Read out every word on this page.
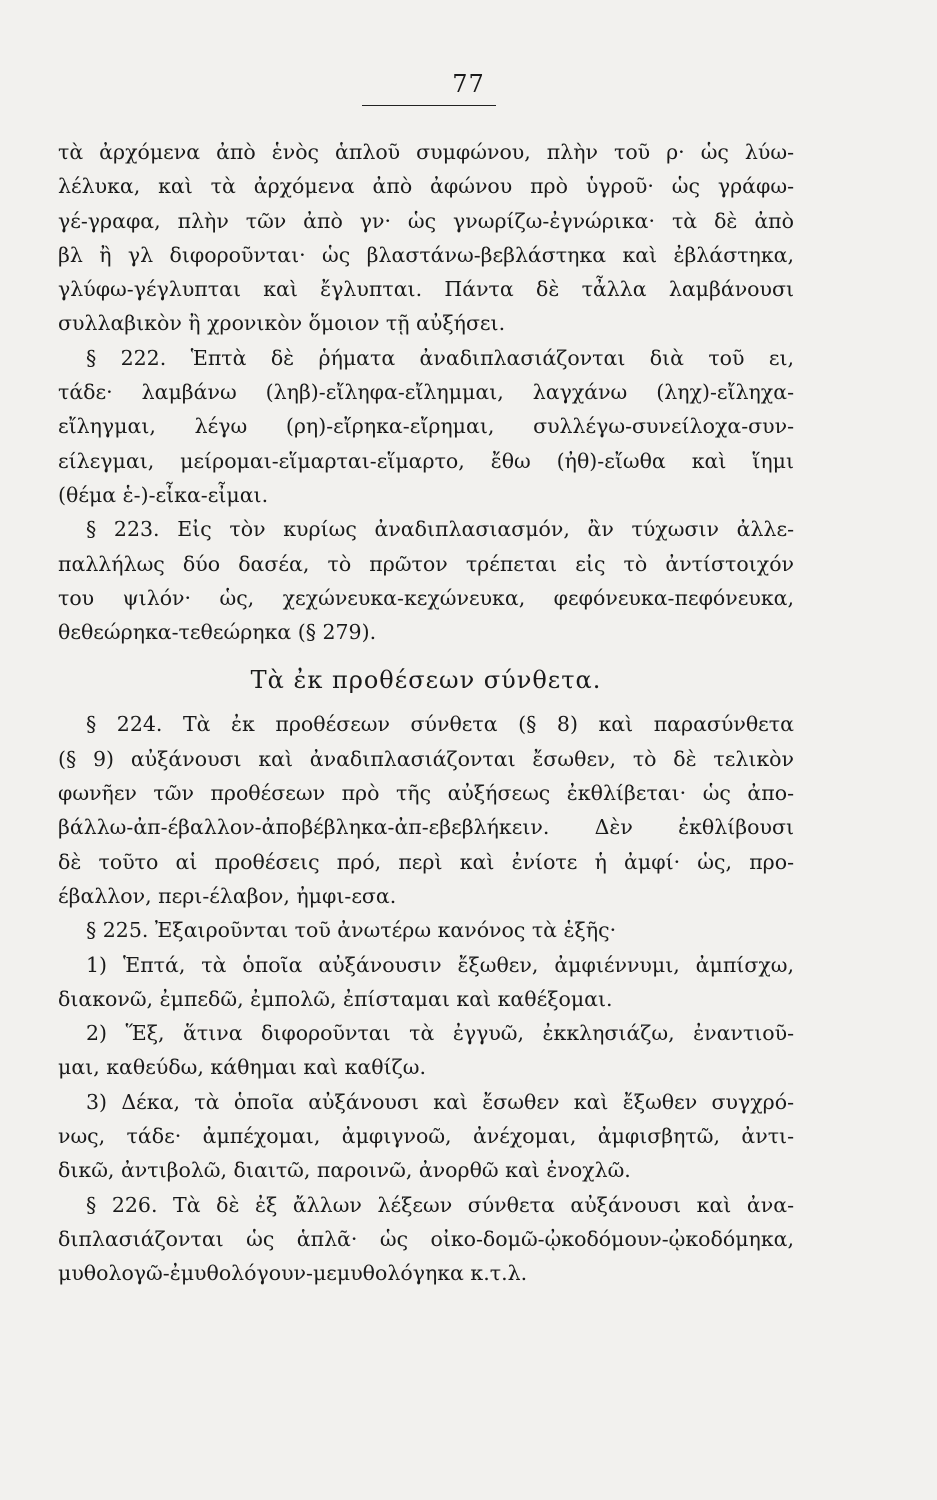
77
τὰ ἀρχόμενα ἀπὸ ἑνὸς ἁπλοῦ συμφώνου, πλὴν τοῦ ρ· ὡς λύω-
λέλυκα, καὶ τὰ ἀρχόμενα ἀπὸ ἀφώνου πρὸ ὑγροῦ· ὡς γράφω-
γέ-γραφα, πλὴν τῶν ἀπὸ γν· ὡς γνωρίζω-ἐγνώρικα· τὰ δὲ ἀπὸ
βλ ἢ γλ διφοροῦνται· ὡς βλαστάνω-βεβλάστηκα καὶ ἐβλάστηκα,
γλύφω-γέγλυπται καὶ ἔγλυπται. Πάντα δὲ τἆλλα λαμβάνουσι
συλλαβικὸν ἢ χρονικὸν ὅμοιον τῇ αὐξήσει.
§ 222. Ἑπτὰ δὲ ῥήματα ἀναδιπλασιάζονται διὰ τοῦ ει,
τάδε· λαμβάνω (ληβ)-εἴληφα-εἴλημμαι, λαγχάνω (ληχ)-εἴληχα-
εἴληγμαι, λέγω (ρη)-εἴρηκα-εἴρημαι, συλλέγω-συνείλοχα-συν-
είλεγμαι, μείρομαι-εἵμαρται-εἵμαρτο, ἔθω (ἠθ)-εἴωθα καὶ ἵημι
(θέμα ἑ-)-εἶκα-εἶμαι.
§ 223. Εἰς τὸν κυρίως ἀναδιπλασιασμόν, ἂν τύχωσιν ἀλλε-
παλλήλως δύο δασέα, τὸ πρῶτον τρέπεται εἰς τὸ ἀντίστοιχόν
του ψιλόν· ὡς, χεχώνευκα-κεχώνευκα, φεφόνευκα-πεφόνευκα,
θεθεώρηκα-τεθεώρηκα (§ 279).
Τὰ ἐκ προθέσεων σύνθετα.
§ 224. Τὰ ἐκ προθέσεων σύνθετα (§ 8) καὶ παρασύνθετα
(§ 9) αὐξάνουσι καὶ ἀναδιπλασιάζονται ἔσωθεν, τὸ δὲ τελικὸν
φωνῆεν τῶν προθέσεων πρὸ τῆς αὐξήσεως ἐκθλίβεται· ὡς ἀπο-
βάλλω-ἀπ-έβαλλον-ἀποβέβληκα-ἀπ-εβεβλήκειν. Δὲν ἐκθλίβουσι
δὲ τοῦτο αἱ προθέσεις πρό, περὶ καὶ ἐνίοτε ἡ ἀμφί· ὡς, προ-
έβαλλον, περι-έλαβον, ἠμφι-εσα.
§ 225. Ἐξαιροῦνται τοῦ ἀνωτέρω κανόνος τὰ ἑξῆς·
1) Ἑπτά, τὰ ὁποῖα αὐξάνουσιν ἔξωθεν, ἀμφιέννυμι, ἀμπίσχω,
διακονῶ, ἐμπεδῶ, ἐμπολῶ, ἐπίσταμαι καὶ καθέξομαι.
2) Ἕξ, ἅτινα διφοροῦνται τὰ ἐγγυῶ, ἐκκλησιάζω, ἐναντιοῦ-
μαι, καθεύδω, κάθημαι καὶ καθίζω.
3) Δέκα, τὰ ὁποῖα αὐξάνουσι καὶ ἔσωθεν καὶ ἔξωθεν συγχρό-
νως, τάδε· ἀμπέχομαι, ἀμφιγνοῶ, ἀνέχομαι, ἀμφισβητῶ, ἀντι-
δικῶ, ἀντιβολῶ, διαιτῶ, παροινῶ, ἀνορθῶ καὶ ἐνοχλῶ.
§ 226. Τὰ δὲ ἐξ ἄλλων λέξεων σύνθετα αὐξάνουσι καὶ ἀνα-
διπλασιάζονται ὡς ἁπλᾶ· ὡς οἰκο-δομῶ-ᾠκοδόμουν-ᾠκοδόμηκα,
μυθολογῶ-ἐμυθολόγουν-μεμυθολόγηκα κ.τ.λ.
